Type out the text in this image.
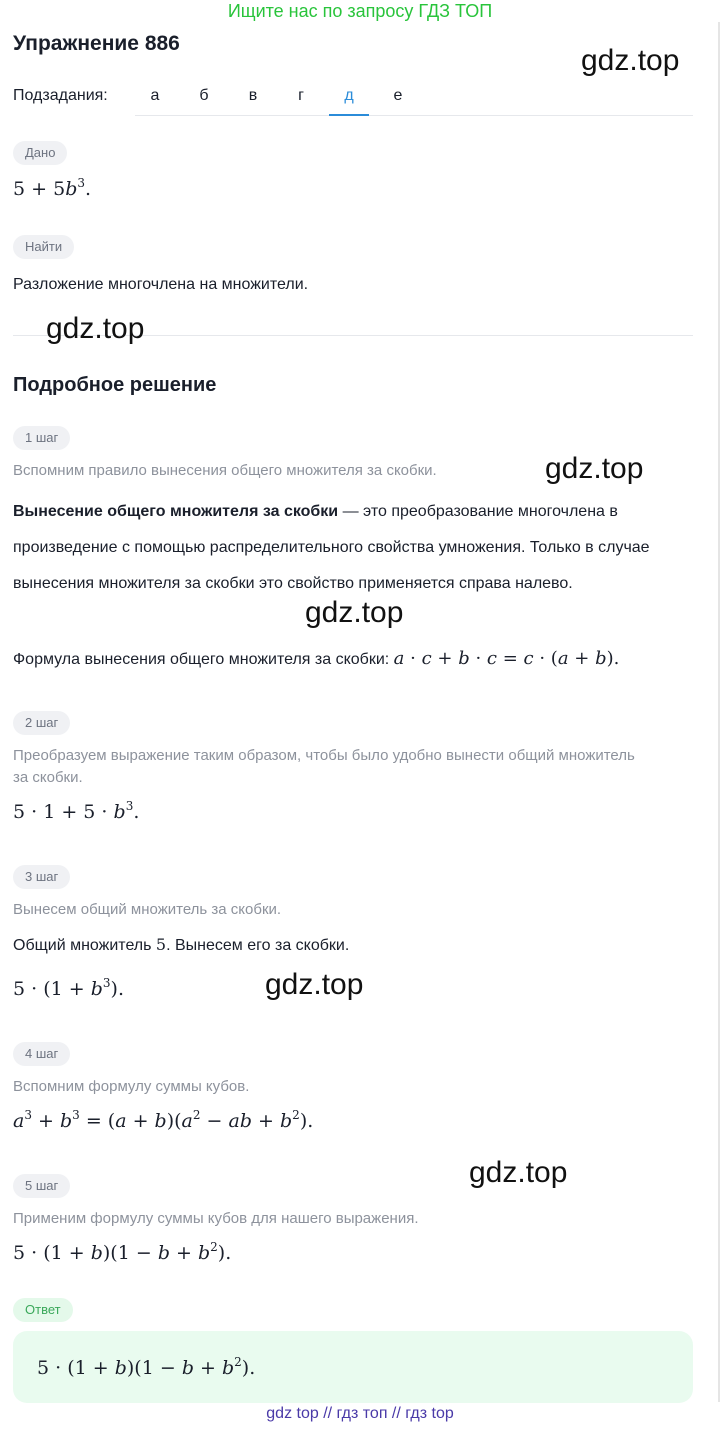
Ищите нас по запросу ГДЗ ТОП
Упражнение 886
gdz.top
Подзадания:	а	б	в	г	д	е
Дано
$5 + 5b^3$.
Найти
Разложение многочлена на множители.
gdz.top
Подробное решение
1 шаг
Вспомним правило вынесения общего множителя за скобки.	gdz.top
Вынесение общего множителя за скобки — это преобразование многочлена в произведение с помощью распределительного свойства умножения. Только в случае вынесения множителя за скобки это свойство применяется справа налево.
gdz.top
Формула вынесения общего множителя за скобки: a · c + b · c = c · (a + b).
2 шаг
Преобразуем выражение таким образом, чтобы было удобно вынести общий множитель за скобки.
$5 \cdot 1 + 5 \cdot b^3$.
3 шаг
Вынесем общий множитель за скобки.
Общий множитель 5. Вынесем его за скобки.
$5 \cdot (1 + b^3)$.	gdz.top
4 шаг
Вспомним формулу суммы кубов.
$a^3 + b^3 = (a + b)(a^2$ − ab + $b^2$).
gdz.top
5 шаг
Применим формулу суммы кубов для нашего выражения.
$5 \cdot (1 + b)(1 - b + b^2)$.
Ответ
$5 \cdot (1 + b)(1 - b + b^2)$.
gdz top // гдз топ // гдз top
